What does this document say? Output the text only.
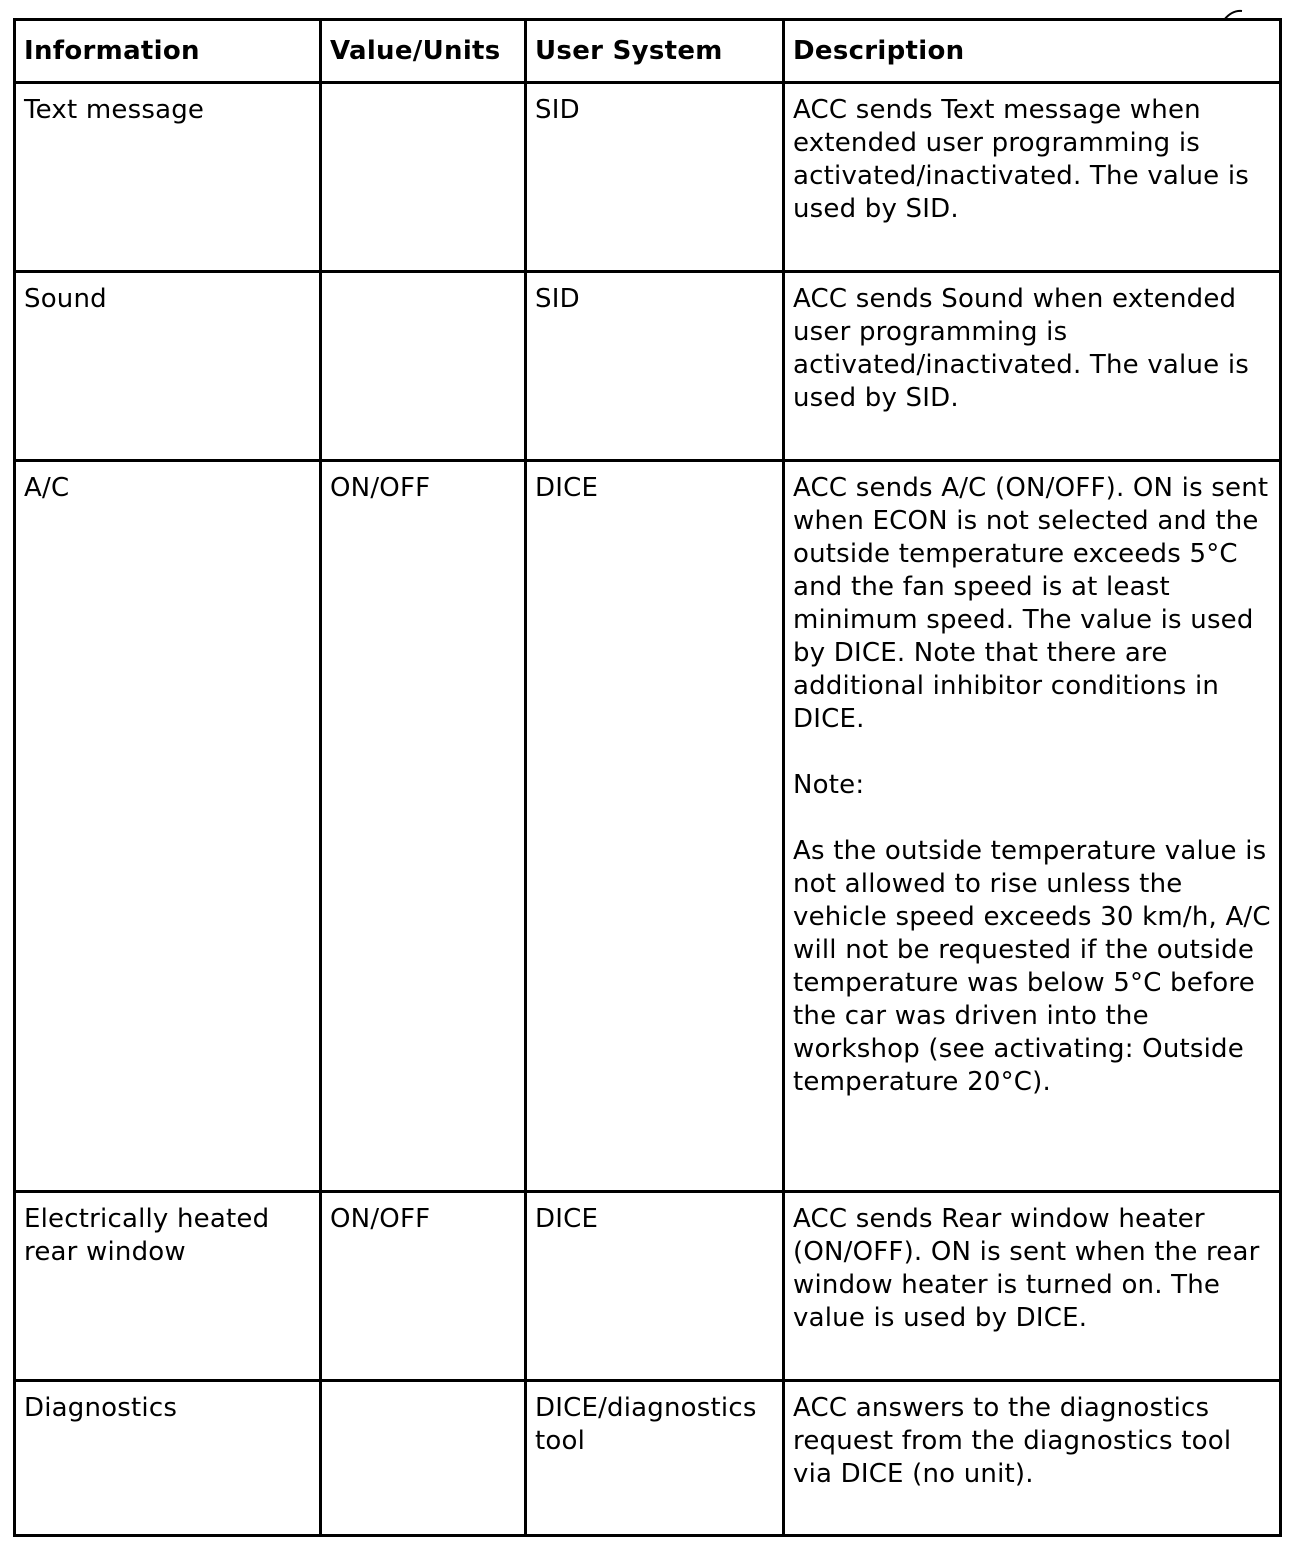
Information	Value/Units	User System	Description
Text message		SID	ACC sends Text message when extended user programming is activated/inactivated. The value is used by SID.

Sound		SID	ACC sends Sound when extended user programming is activated/inactivated. The value is used by SID.

A/C	ON/OFF	DICE	ACC sends A/C (ON/OFF). ON is sent when ECON is not selected and the outside temperature exceeds 5°C and the fan speed is at least minimum speed. The value is used by DICE. Note that there are additional inhibitor conditions in DICE.
Note:
As the outside temperature value is not allowed to rise unless the vehicle speed exceeds 30 km/h, A/C will not be requested if the outside temperature was below 5°C before the car was driven into the workshop (see activating: Outside temperature 20°C).

Electrically heated rear window	ON/OFF	DICE	ACC sends Rear window heater (ON/OFF). ON is sent when the rear window heater is turned on. The value is used by DICE.

Diagnostics		DICE/diagnostics tool	ACC answers to the diagnostics request from the diagnostics tool via DICE (no unit).
